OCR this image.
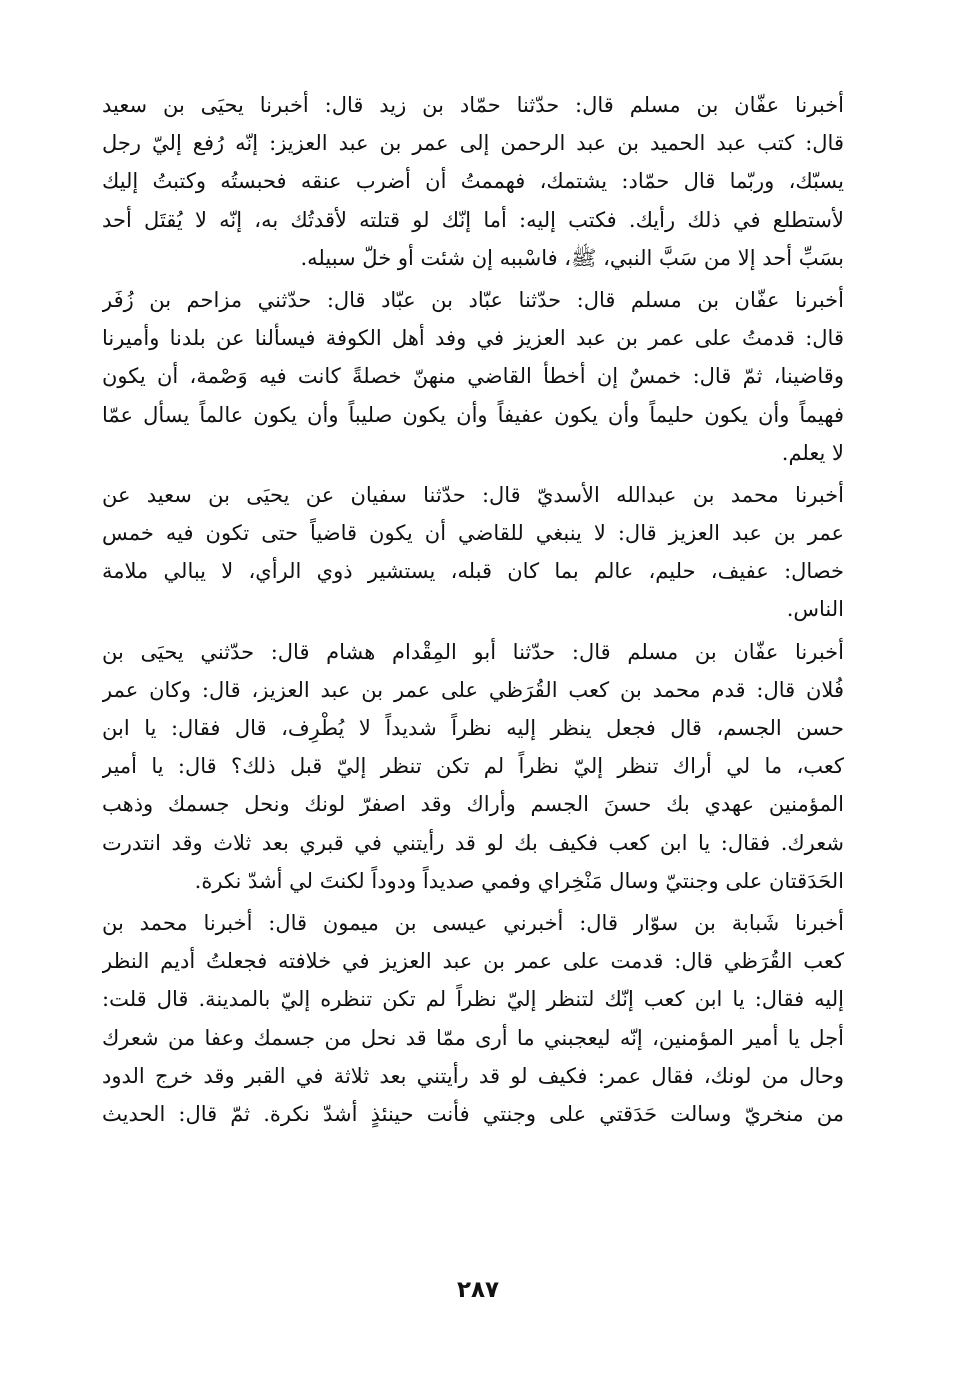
أخبرنا عفّان بن مسلم قال: حدّثنا حمّاد بن زيد قال: أخبرنا يحيَى بن سعيد
قال: كتب عبد الحميد بن عبد الرحمن إلى عمر بن عبد العزيز: إنّه رُفع إليّ رجل
يسبّك، وربّما قال حمّاد: يشتمك، فهممتُ أن أضرب عنقه فحبستُه وكتبتُ إليك
لأستطلع في ذلك رأيك. فكتب إليه: أما إنّك لو قتلته لأقدتُك به، إنّه لا يُقتَل أحد
بسَبِّ أحد إلا من سَبَّ النبي، ﷺ، فاسْببه إن شئت أو خلّ سبيله.
أخبرنا عفّان بن مسلم قال: حدّثنا عبّاد بن عبّاد قال: حدّثني مزاحم بن زُفَر
قال: قدمتُ على عمر بن عبد العزيز في وفد أهل الكوفة فيسألنا عن بلدنا وأميرنا
وقاضينا، ثمّ قال: خمسٌ إن أخطأ القاضي منهنّ خصلةً كانت فيه وَصْمة، أن يكون
فهيماً وأن يكون حليماً وأن يكون عفيفاً وأن يكون صليباً وأن يكون عالماً يسأل عمّا
لا يعلم.
أخبرنا محمد بن عبدالله الأسديّ قال: حدّثنا سفيان عن يحيَى بن سعيد عن
عمر بن عبد العزيز قال: لا ينبغي للقاضي أن يكون قاضياً حتى تكون فيه خمس
خصال: عفيف، حليم، عالم بما كان قبله، يستشير ذوي الرأي، لا يبالي ملامة
الناس.
أخبرنا عفّان بن مسلم قال: حدّثنا أبو المِقْدام هشام قال: حدّثني يحيَى بن
فُلان قال: قدم محمد بن كعب القُرَظي على عمر بن عبد العزيز، قال: وكان عمر
حسن الجسم، قال فجعل ينظر إليه نظراً شديداً لا يُطْرِف، قال فقال: يا ابن
كعب، ما لي أراك تنظر إليّ نظراً لم تكن تنظر إليّ قبل ذلك؟ قال: يا أمير
المؤمنين عهدي بك حسنَ الجسم وأراك وقد اصفرّ لونك ونحل جسمك وذهب
شعرك. فقال: يا ابن كعب فكيف بك لو قد رأيتني في قبري بعد ثلاث وقد انتدرت
الحَدَقتان على وجنتيّ وسال مَنْخِراي وفمي صديداً ودوداً لكنتَ لي أشدّ نكرة.
أخبرنا شَبابة بن سوّار قال: أخبرني عيسى بن ميمون قال: أخبرنا محمد بن
كعب القُرَظي قال: قدمت على عمر بن عبد العزيز في خلافته فجعلتُ أديم النظر
إليه فقال: يا ابن كعب إنّك لتنظر إليّ نظراً لم تكن تنظره إليّ بالمدينة. قال قلت:
أجل يا أمير المؤمنين، إنّه ليعجبني ما أرى ممّا قد نحل من جسمك وعفا من شعرك
وحال من لونك، فقال عمر: فكيف لو قد رأيتني بعد ثلاثة في القبر وقد خرج الدود
من منخريّ وسالت حَدَقتي على وجنتي فأنت حينئذٍ أشدّ نكرة. ثمّ قال: الحديث
٢٨٧
